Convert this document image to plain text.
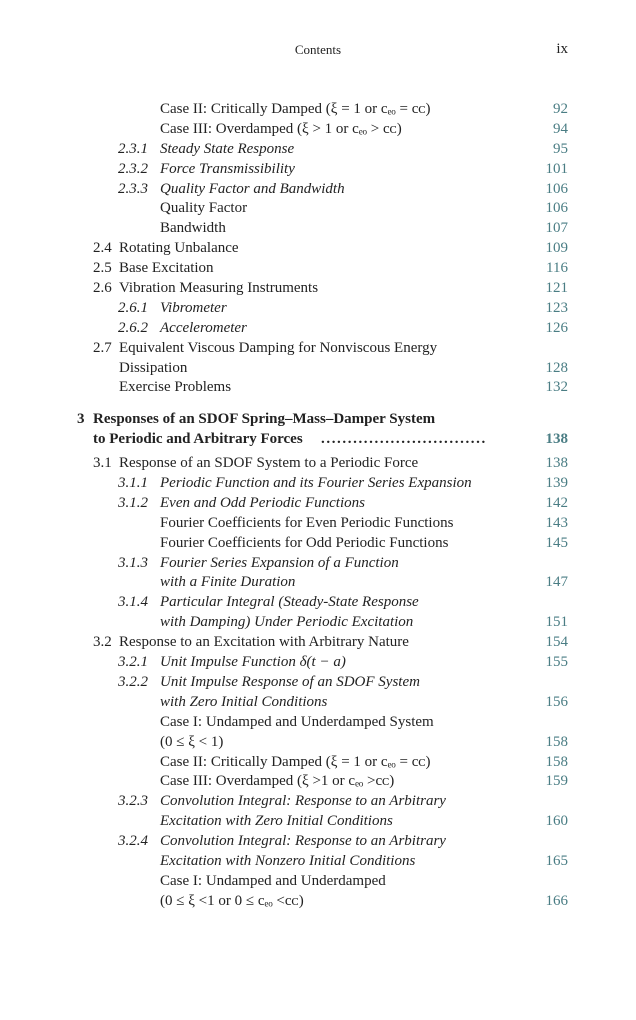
Contents	ix
Case II: Critically Damped (ξ = 1 or cₑₒ = cᴄ)	92
Case III: Overdamped (ξ > 1 or cₑₒ > cᴄ)	94
2.3.1 Steady State Response	95
2.3.2 Force Transmissibility	101
2.3.3 Quality Factor and Bandwidth	106
Quality Factor	106
Bandwidth	107
2.4 Rotating Unbalance	109
2.5 Base Excitation	116
2.6 Vibration Measuring Instruments	121
2.6.1 Vibrometer	123
2.6.2 Accelerometer	126
2.7 Equivalent Viscous Damping for Nonviscous Energy
Dissipation	128
Exercise Problems	132
3 Responses of an SDOF Spring–Mass–Damper System
to Periodic and Arbitrary Forces ...............................	138
3.1 Response of an SDOF System to a Periodic Force	138
3.1.1 Periodic Function and its Fourier Series Expansion	139
3.1.2 Even and Odd Periodic Functions	142
Fourier Coefficients for Even Periodic Functions	143
Fourier Coefficients for Odd Periodic Functions	145
3.1.3 Fourier Series Expansion of a Function
with a Finite Duration	147
3.1.4 Particular Integral (Steady-State Response
with Damping) Under Periodic Excitation	151
3.2 Response to an Excitation with Arbitrary Nature	154
3.2.1 Unit Impulse Function δ(t − a)	155
3.2.2 Unit Impulse Response of an SDOF System
with Zero Initial Conditions	156
Case I: Undamped and Underdamped System
(0 ≤ ξ < 1)	158
Case II: Critically Damped (ξ = 1 or cₑₒ = cᴄ)	158
Case III: Overdamped (ξ >1 or cₑₒ >cᴄ)	159
3.2.3 Convolution Integral: Response to an Arbitrary
Excitation with Zero Initial Conditions	160
3.2.4 Convolution Integral: Response to an Arbitrary
Excitation with Nonzero Initial Conditions	165
Case I: Undamped and Underdamped
(0 ≤ ξ <1 or 0 ≤ cₑₒ <cᴄ)	166
